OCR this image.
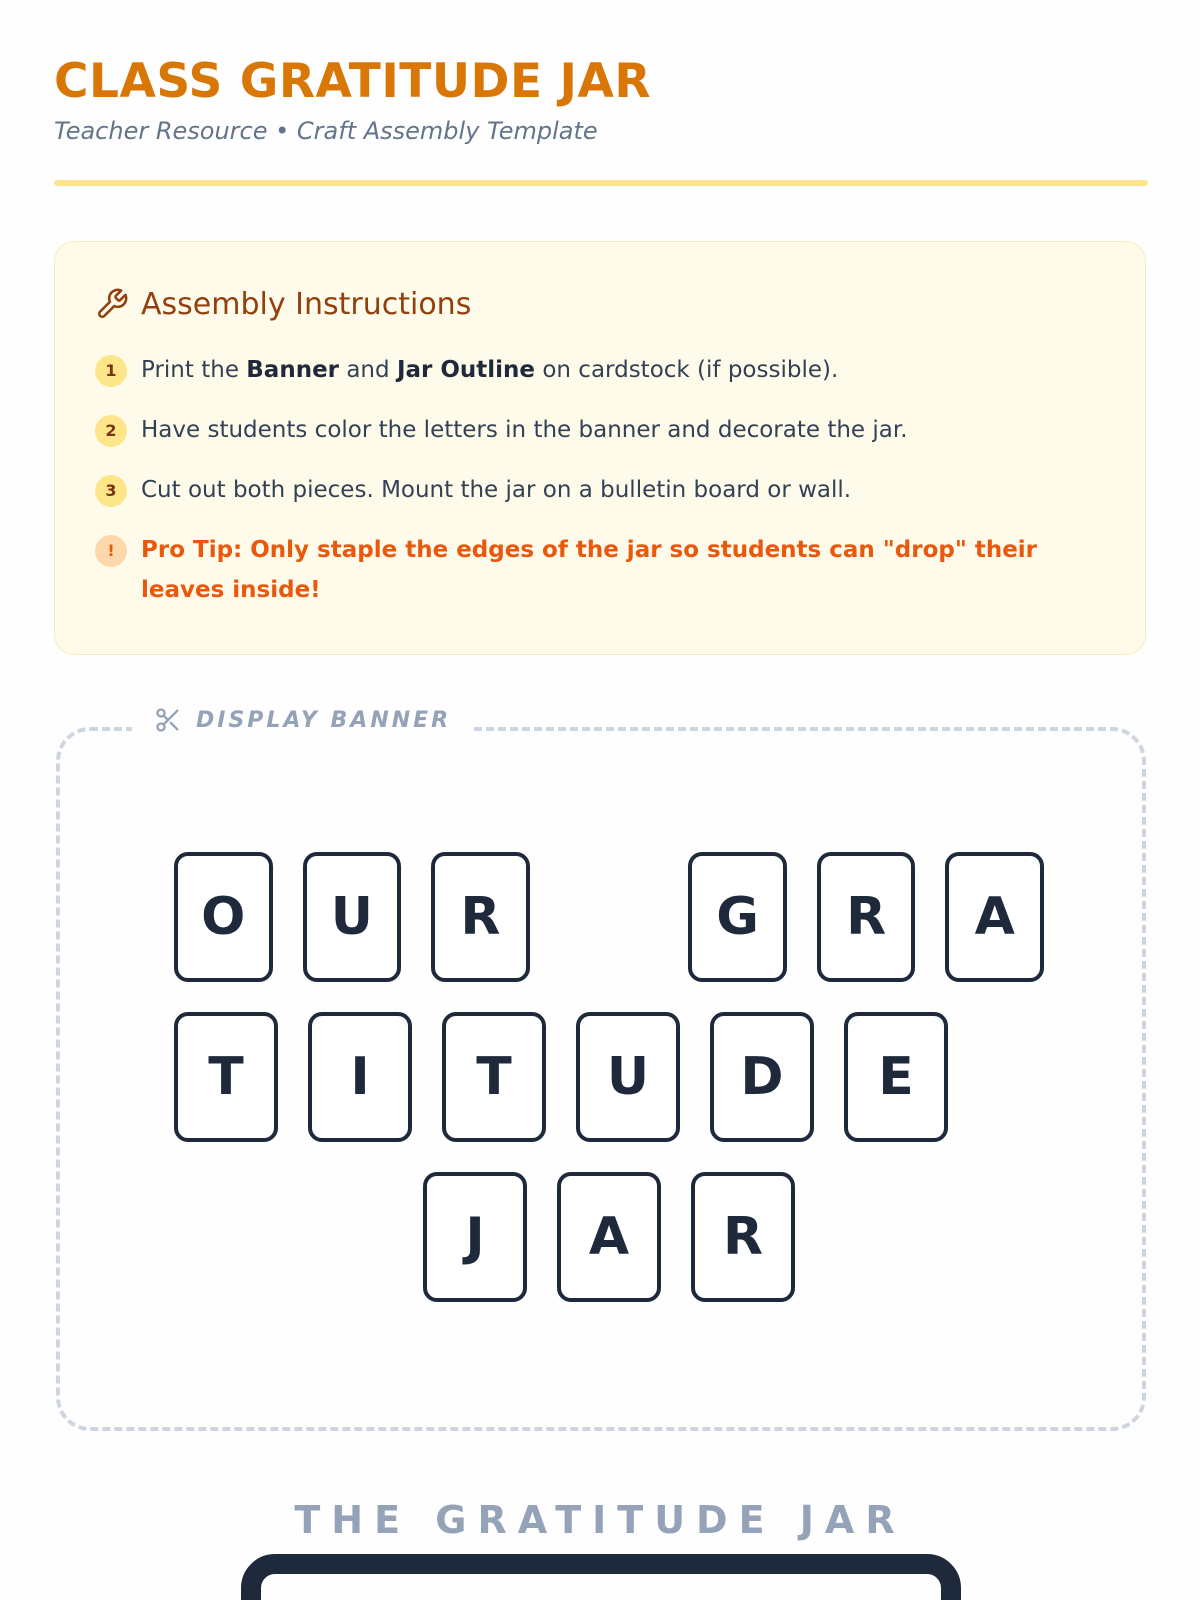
CLASS GRATITUDE JAR
Teacher Resource • Craft Assembly Template
Assembly Instructions
1	Print the Banner and Jar Outline on cardstock (if possible).
2	Have students color the letters in the banner and decorate the jar.
3	Cut out both pieces. Mount the jar on a bulletin board or wall.
!	Pro Tip: Only staple the edges of the jar so students can "drop" their leaves inside!
DISPLAY BANNER
O	U	R	G	R	A
T	I	T	U	D	E
J	A	R
THE GRATITUDE JAR
